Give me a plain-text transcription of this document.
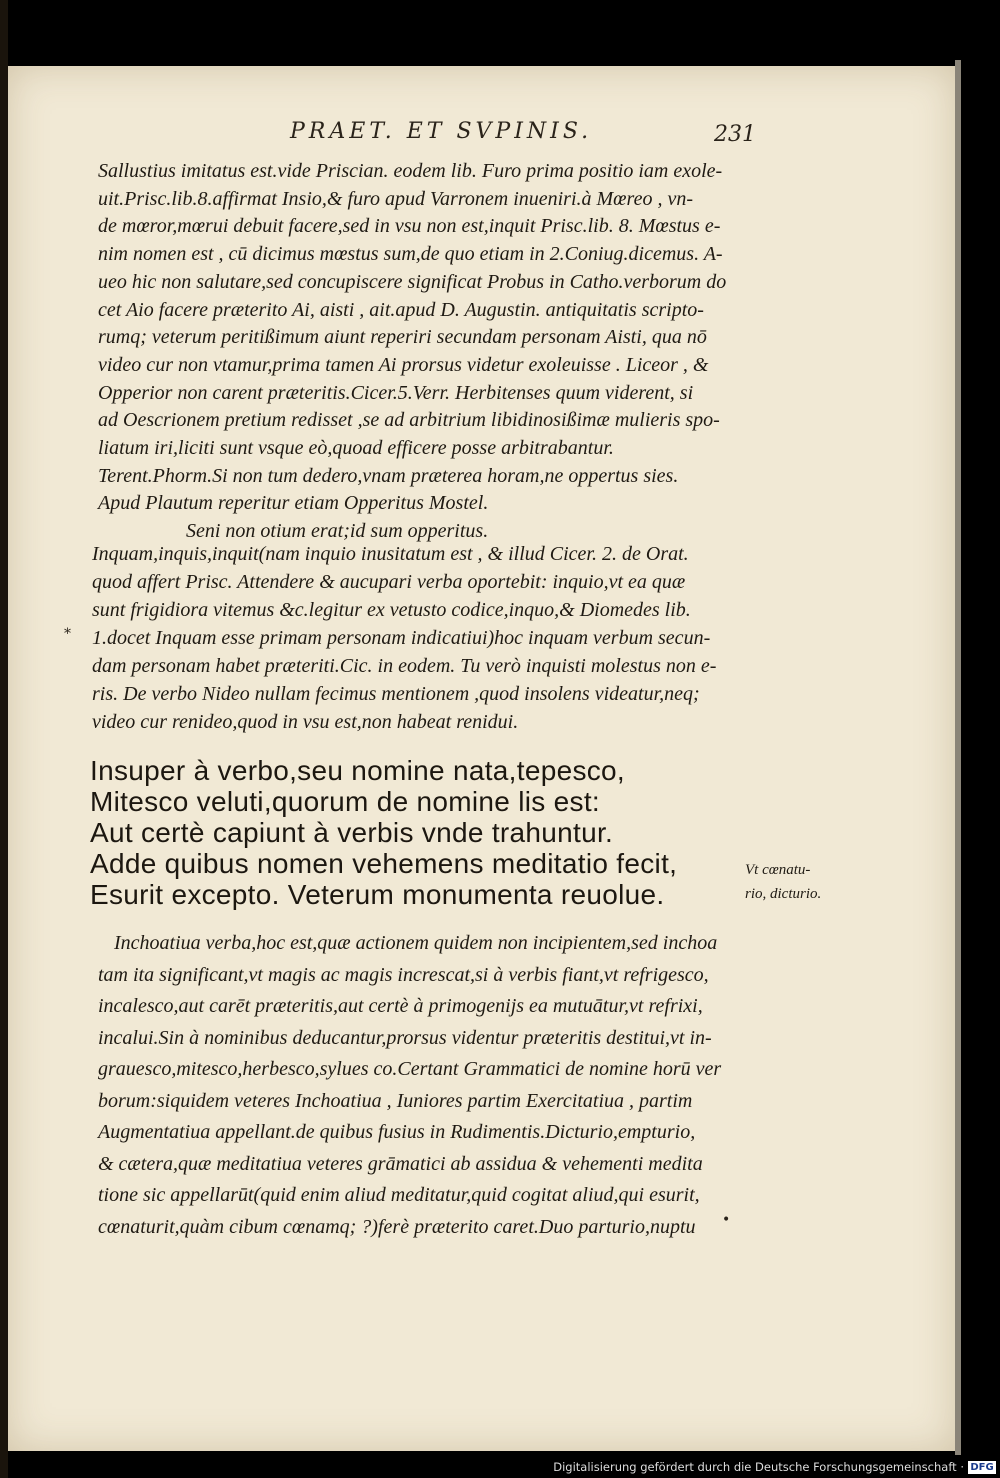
PRAET. ET SVPINIS.	231
Sallustius imitatus est.vide Priscian. eodem lib. Furo prima positio iam exole-
uit.Prisc.lib.8.affirmat Insio,& furo apud Varronem inueniri.à Mœreo , vn-
de mœror,mœrui debuit facere,sed in vsu non est,inquit Prisc.lib. 8. Mœstus e-
nim nomen est , cū dicimus mœstus sum,de quo etiam in 2.Coniug.dicemus. A-
ueo hic non salutare,sed concupiscere significat Probus in Catho.verborum do
cet Aio facere præterito Ai, aisti , ait.apud D. Augustin. antiquitatis scripto-
rumq; veterum peritißimum aiunt reperiri secundam personam Aisti, qua nō
video cur non vtamur,prima tamen Ai prorsus videtur exoleuisse . Liceor , &
Opperior non carent præteritis.Cicer.5.Verr. Herbitenses quum viderent, si
ad Oescrionem pretium redisset ,se ad arbitrium libidinosißimæ mulieris spo-
liatum iri,liciti sunt vsque eò,quoad efficere posse arbitrabantur.
Terent.Phorm.Si non tum dedero,vnam præterea horam,ne oppertus sies.
Apud Plautum reperitur etiam Opperitus Mostel.
Seni non otium erat;id sum opperitus.
Inquam,inquis,inquit(nam inquio inusitatum est , & illud Cicer. 2. de Orat.
quod affert Prisc. Attendere & aucupari verba oportebit: inquio,vt ea quæ
sunt frigidiora vitemus &c.legitur ex vetusto codice,inquo,& Diomedes lib.
1.docet Inquam esse primam personam indicatiui)hoc inquam verbum secun-
dam personam habet præteriti.Cic. in eodem. Tu verò inquisti molestus non e-
ris. De verbo Nideo nullam fecimus mentionem ,quod insolens videatur,neq;
video cur renideo,quod in vsu est,non habeat renidui.
*
Insuper à verbo,seu nomine nata,tepesco,
Mitesco veluti,quorum de nomine lis est:
Aut certè capiunt à verbis vnde trahuntur.
Adde quibus nomen vehemens meditatio fecit,
Esurit excepto. Veterum monumenta reuolue.
Vt cœnatu-
rio, dicturio.
Inchoatiua verba,hoc est,quæ actionem quidem non incipientem,sed inchoa
tam ita significant,vt magis ac magis increscat,si à verbis fiant,vt refrigesco,
incalesco,aut carēt præteritis,aut certè à primogenijs ea mutuātur,vt refrixi,
incalui.Sin à nominibus deducantur,prorsus videntur præteritis destitui,vt in-
grauesco,mitesco,herbesco,sylues co.Certant Grammatici de nomine horū ver
borum:siquidem veteres Inchoatiua , Iuniores partim Exercitatiua , partim
Augmentatiua appellant.de quibus fusius in Rudimentis.Dicturio,empturio,
& cætera,quæ meditatiua veteres grāmatici ab assidua & vehementi medita
tione sic appellarūt(quid enim aliud meditatur,quid cogitat aliud,qui esurit,
cœnaturit,quàm cibum cœnamq; ?)ferè præterito caret.Duo parturio,nuptu	•
Digitalisierung gefördert durch die Deutsche Forschungsgemeinschaft · DFG
